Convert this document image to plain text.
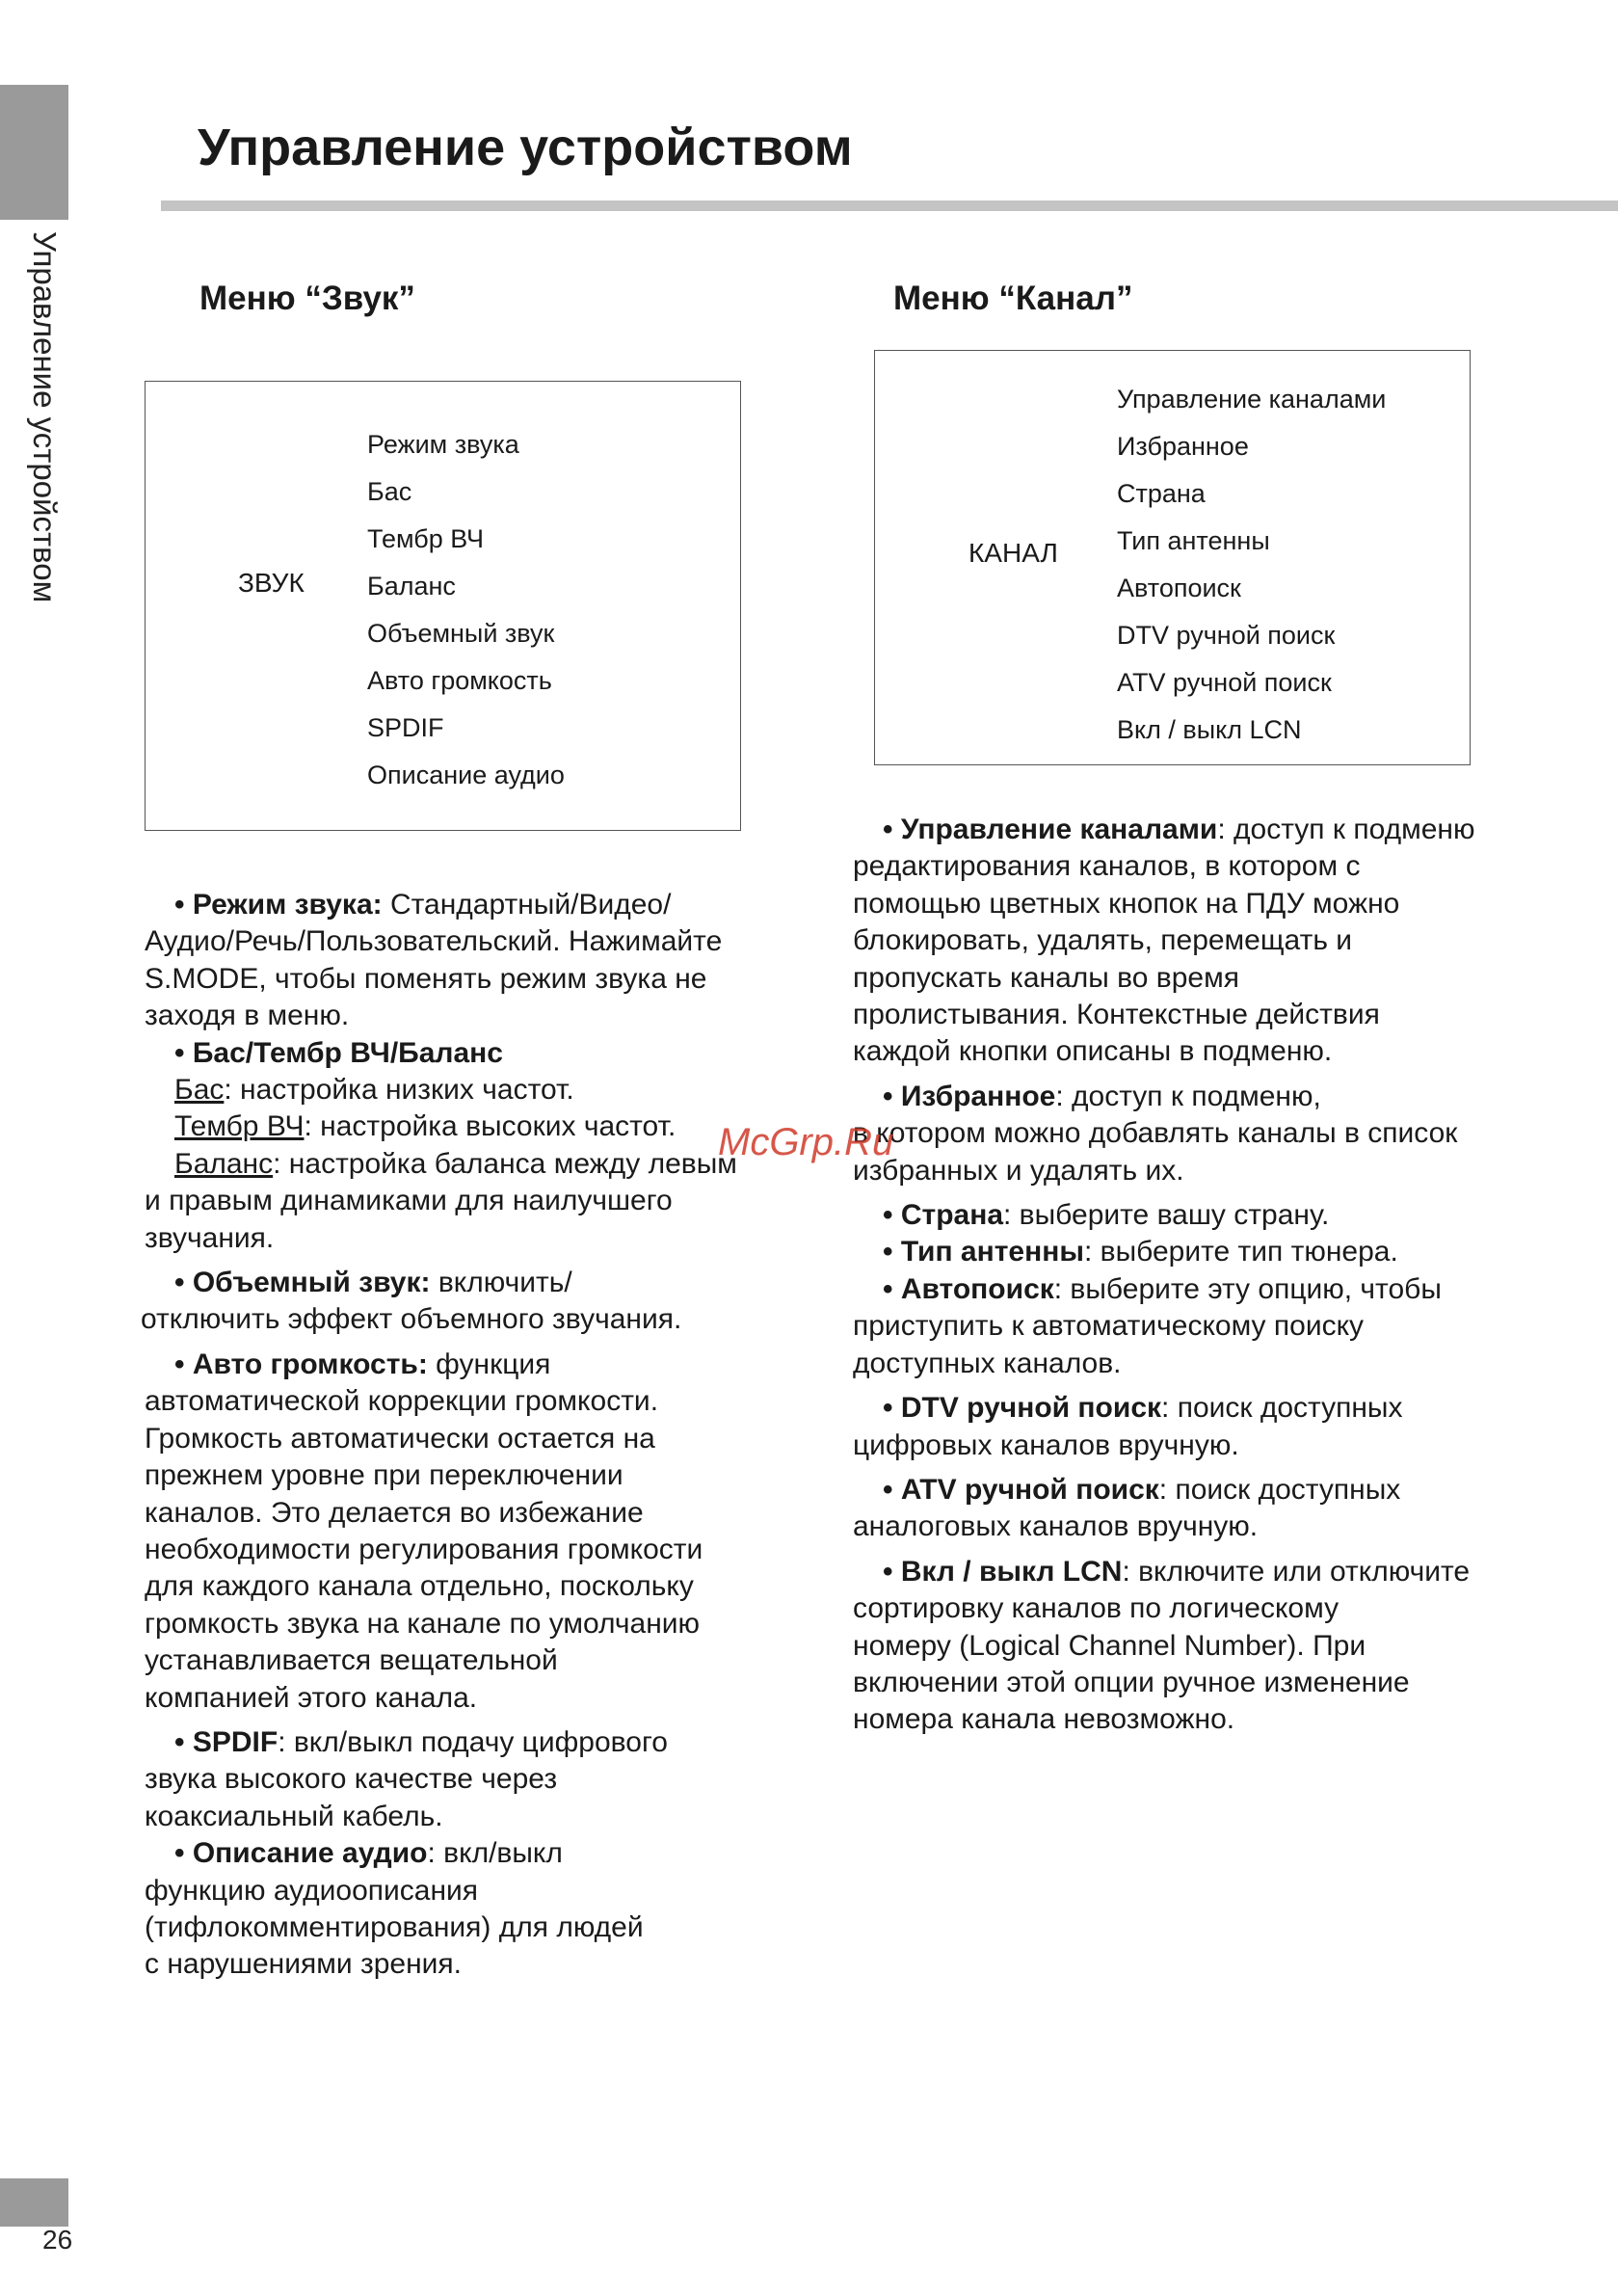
Управление устройством
26
Управление устройством
Меню “Звук”	Меню “Канал”
ЗВУК
Режим звука
Бас
Тембр ВЧ
Баланс
Объемный звук
Авто громкость
SPDIF
Описание аудио
КАНАЛ
Управление каналами
Избранное
Страна
Тип антенны
Автопоиск
DTV ручной поиск
ATV ручной поиск
Вкл / выкл LCN

• Режим звука: Стандартный/Видео/

Аудио/Речь/Пользовательский. Нажимайте

S.MODE, чтобы поменять режим звука не

заходя в меню.

• Бас/Тембр ВЧ/Баланс

Бас: настройка низких частот.

Тембр ВЧ: настройка высоких частот.

Баланс: настройка баланса между левым

и правым динамиками для наилучшего

звучания.

• Объемный звук: включить/

отключить эффект объемного звучания.

• Авто громкость: функция

автоматической коррекции громкости.

Громкость автоматически остается на

прежнем уровне при переключении

каналов. Это делается во избежание

необходимости регулирования громкости

для каждого канала отдельно, поскольку

громкость звука на канале по умолчанию

устанавливается вещательной

компанией этого канала.

• SPDIF: вкл/выкл подачу цифрового

звука высокого качестве через

коаксиальный кабель.

• Описание аудио: вкл/выкл

функцию аудиоописания

(тифлокомментирования) для людей

с нарушениями зрения.

• Управление каналами: доступ к подменю

редактирования каналов, в котором с

помощью цветных кнопок на ПДУ можно

блокировать, удалять, перемещать и

пропускать каналы во время

пролистывания. Контекстные действия

каждой кнопки описаны в подменю.

• Избранное: доступ к подменю,

в котором можно добавлять каналы в список

избранных и удалять их.

• Страна: выберите вашу страну.

• Тип антенны: выберите тип тюнера.

• Автопоиск: выберите эту опцию, чтобы

приступить к автоматическому поиску

доступных каналов.

• DTV ручной поиск: поиск доступных

цифровых каналов вручную.

• ATV ручной поиск: поиск доступных

аналоговых каналов вручную.

• Вкл / выкл LCN: включите или отключите

сортировку каналов по логическому

номеру (Logical Channel Number). При

включении этой опции ручное изменение

номера канала невозможно.

McGrp.Ru
